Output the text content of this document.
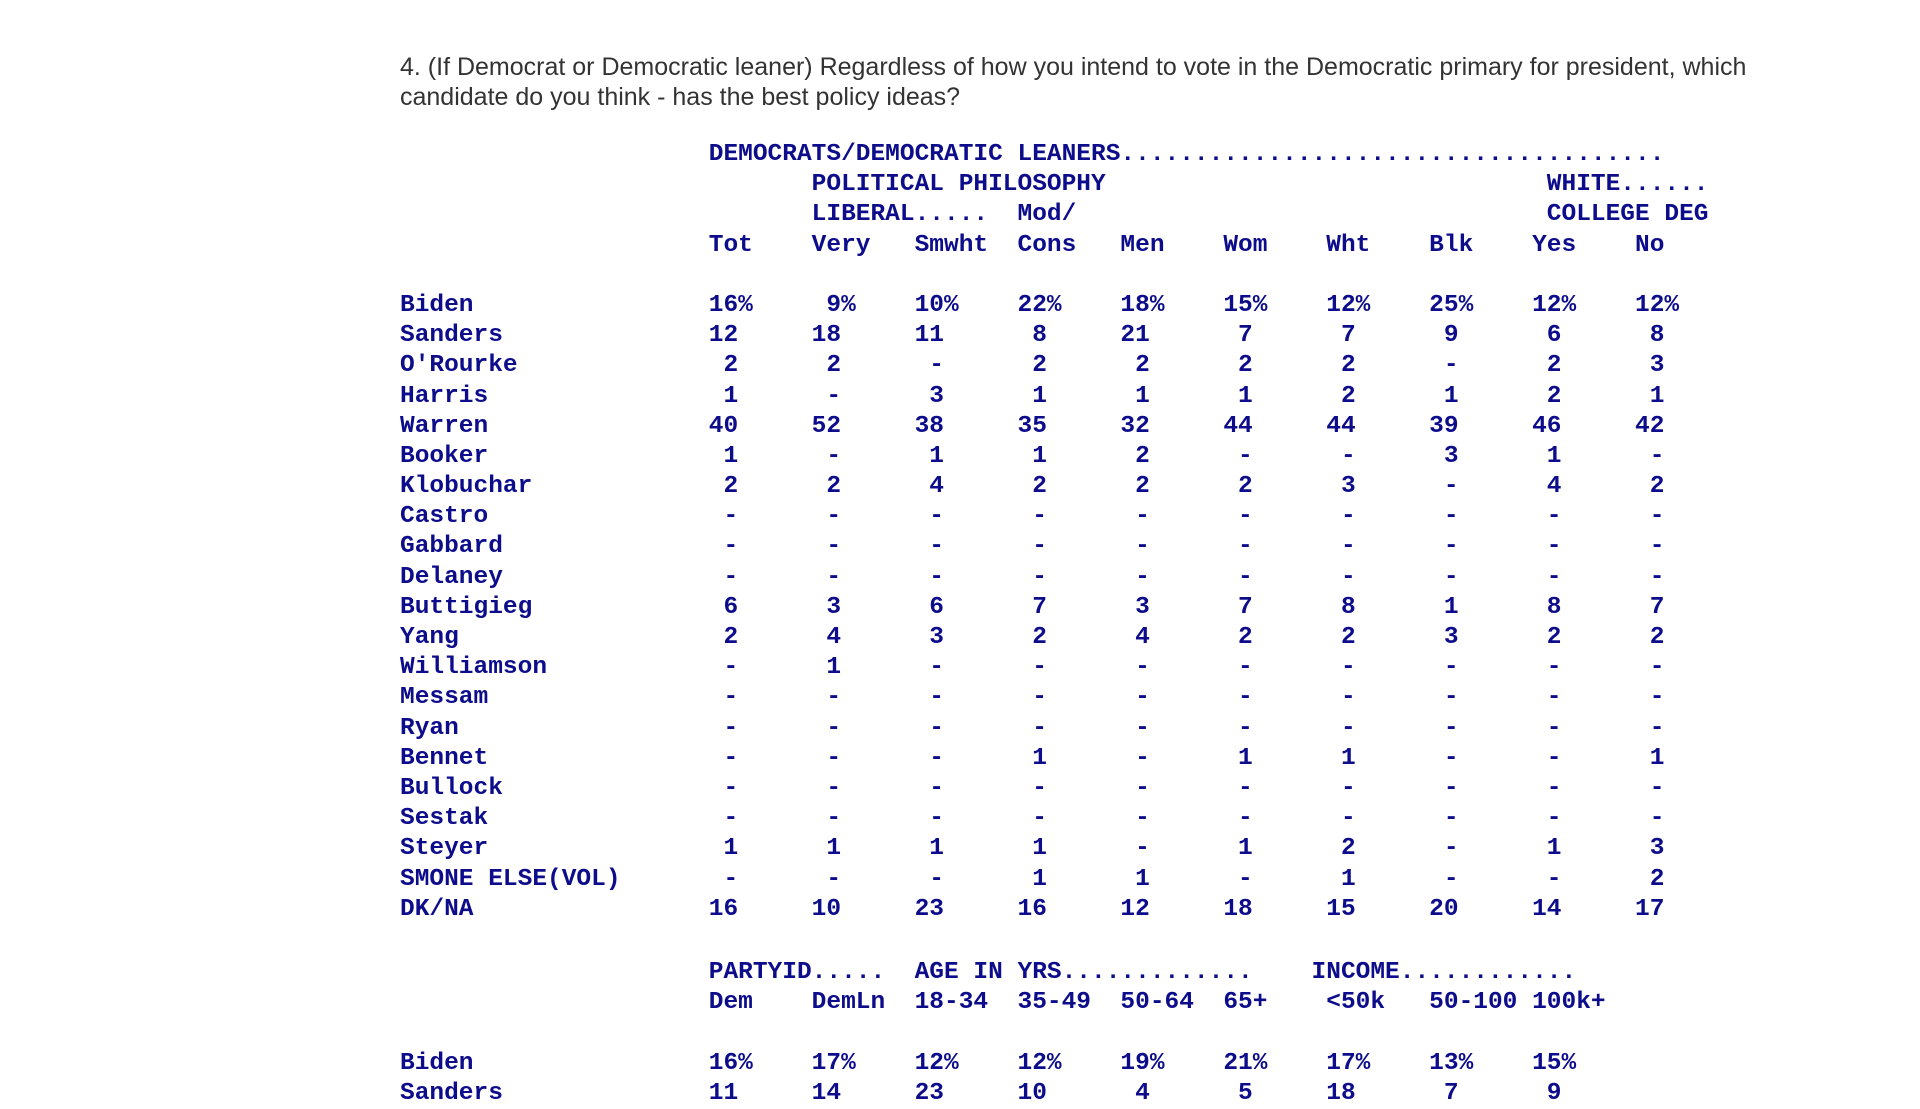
4. (If Democrat or Democratic leaner) Regardless of how you intend to vote in the Democratic primary for president, which candidate do you think - has the best policy ideas?
DEMOCRATS/DEMOCRATIC LEANERS.....................................
POLITICAL PHILOSOPHY                              WHITE......
LIBERAL.....  Mod/                                COLLEGE DEG
Tot    Very   Smwht  Cons   Men    Wom    Wht    Blk    Yes    No

Biden                16%     9%    10%    22%    18%    15%    12%    25%    12%    12%
Sanders              12     18     11      8     21      7      7      9      6      8
O'Rourke              2      2      -      2      2      2      2      -      2      3
Harris                1      -      3      1      1      1      2      1      2      1
Warren               40     52     38     35     32     44     44     39     46     42
Booker                1      -      1      1      2      -      -      3      1      -
Klobuchar             2      2      4      2      2      2      3      -      4      2
Castro                -      -      -      -      -      -      -      -      -      -
Gabbard               -      -      -      -      -      -      -      -      -      -
Delaney               -      -      -      -      -      -      -      -      -      -
Buttigieg             6      3      6      7      3      7      8      1      8      7
Yang                  2      4      3      2      4      2      2      3      2      2
Williamson            -      1      -      -      -      -      -      -      -      -
Messam                -      -      -      -      -      -      -      -      -      -
Ryan                  -      -      -      -      -      -      -      -      -      -
Bennet                -      -      -      1      -      1      1      -      -      1
Bullock               -      -      -      -      -      -      -      -      -      -
Sestak                -      -      -      -      -      -      -      -      -      -
Steyer                1      1      1      1      -      1      2      -      1      3
SMONE ELSE(VOL)       -      -      -      1      1      -      1      -      -      2
DK/NA                16     10     23     16     12     18     15     20     14     17
PARTYID.....  AGE IN YRS.............    INCOME............
Dem    DemLn  18-34  35-49  50-64  65+    <50k   50-100 100k+

Biden                16%    17%    12%    12%    19%    21%    17%    13%    15%
Sanders              11     14     23     10      4      5     18      7      9
